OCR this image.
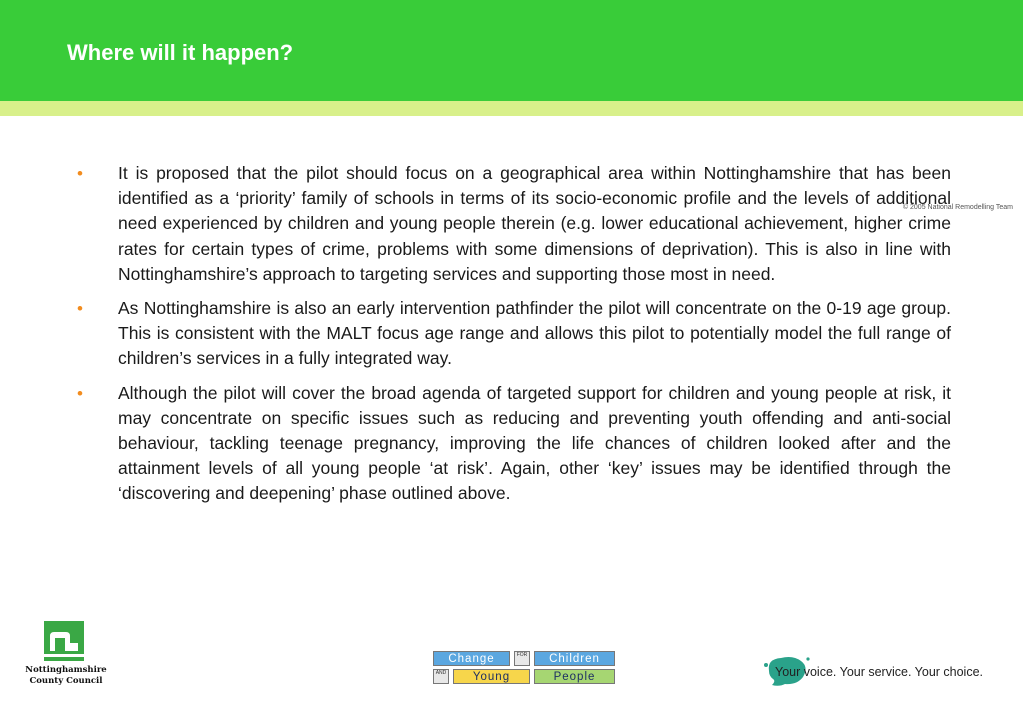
Where will it happen?
© 2005 National Remodelling Team
• It is proposed that the pilot should focus on a geographical area within Nottinghamshire that has been identified as a ‘priority’ family of schools in terms of its socio-economic profile and the levels of additional need experienced by children and young people therein (e.g. lower educational achievement, higher crime rates for certain types of crime, problems with some dimensions of deprivation). This is also in line with Nottinghamshire’s approach to targeting services and supporting those most in need.
• As Nottinghamshire is also an early intervention pathfinder the pilot will concentrate on the 0-19 age group. This is consistent with the MALT focus age range and allows this pilot to potentially model the full range of children’s services in a fully integrated way.
• Although the pilot will cover the broad agenda of targeted support for children and young people at risk, it may concentrate on specific issues such as reducing and preventing youth offending and anti-social behaviour, tackling teenage pregnancy, improving the life chances of children looked after and the attainment levels of all young people ‘at risk’. Again, other ‘key’ issues may be identified through the ‘discovering and deepening’ phase outlined above.
Nottinghamshire
County Council
Change	FOR	Children
AND	Young	People	Your voice. Your service. Your choice.
